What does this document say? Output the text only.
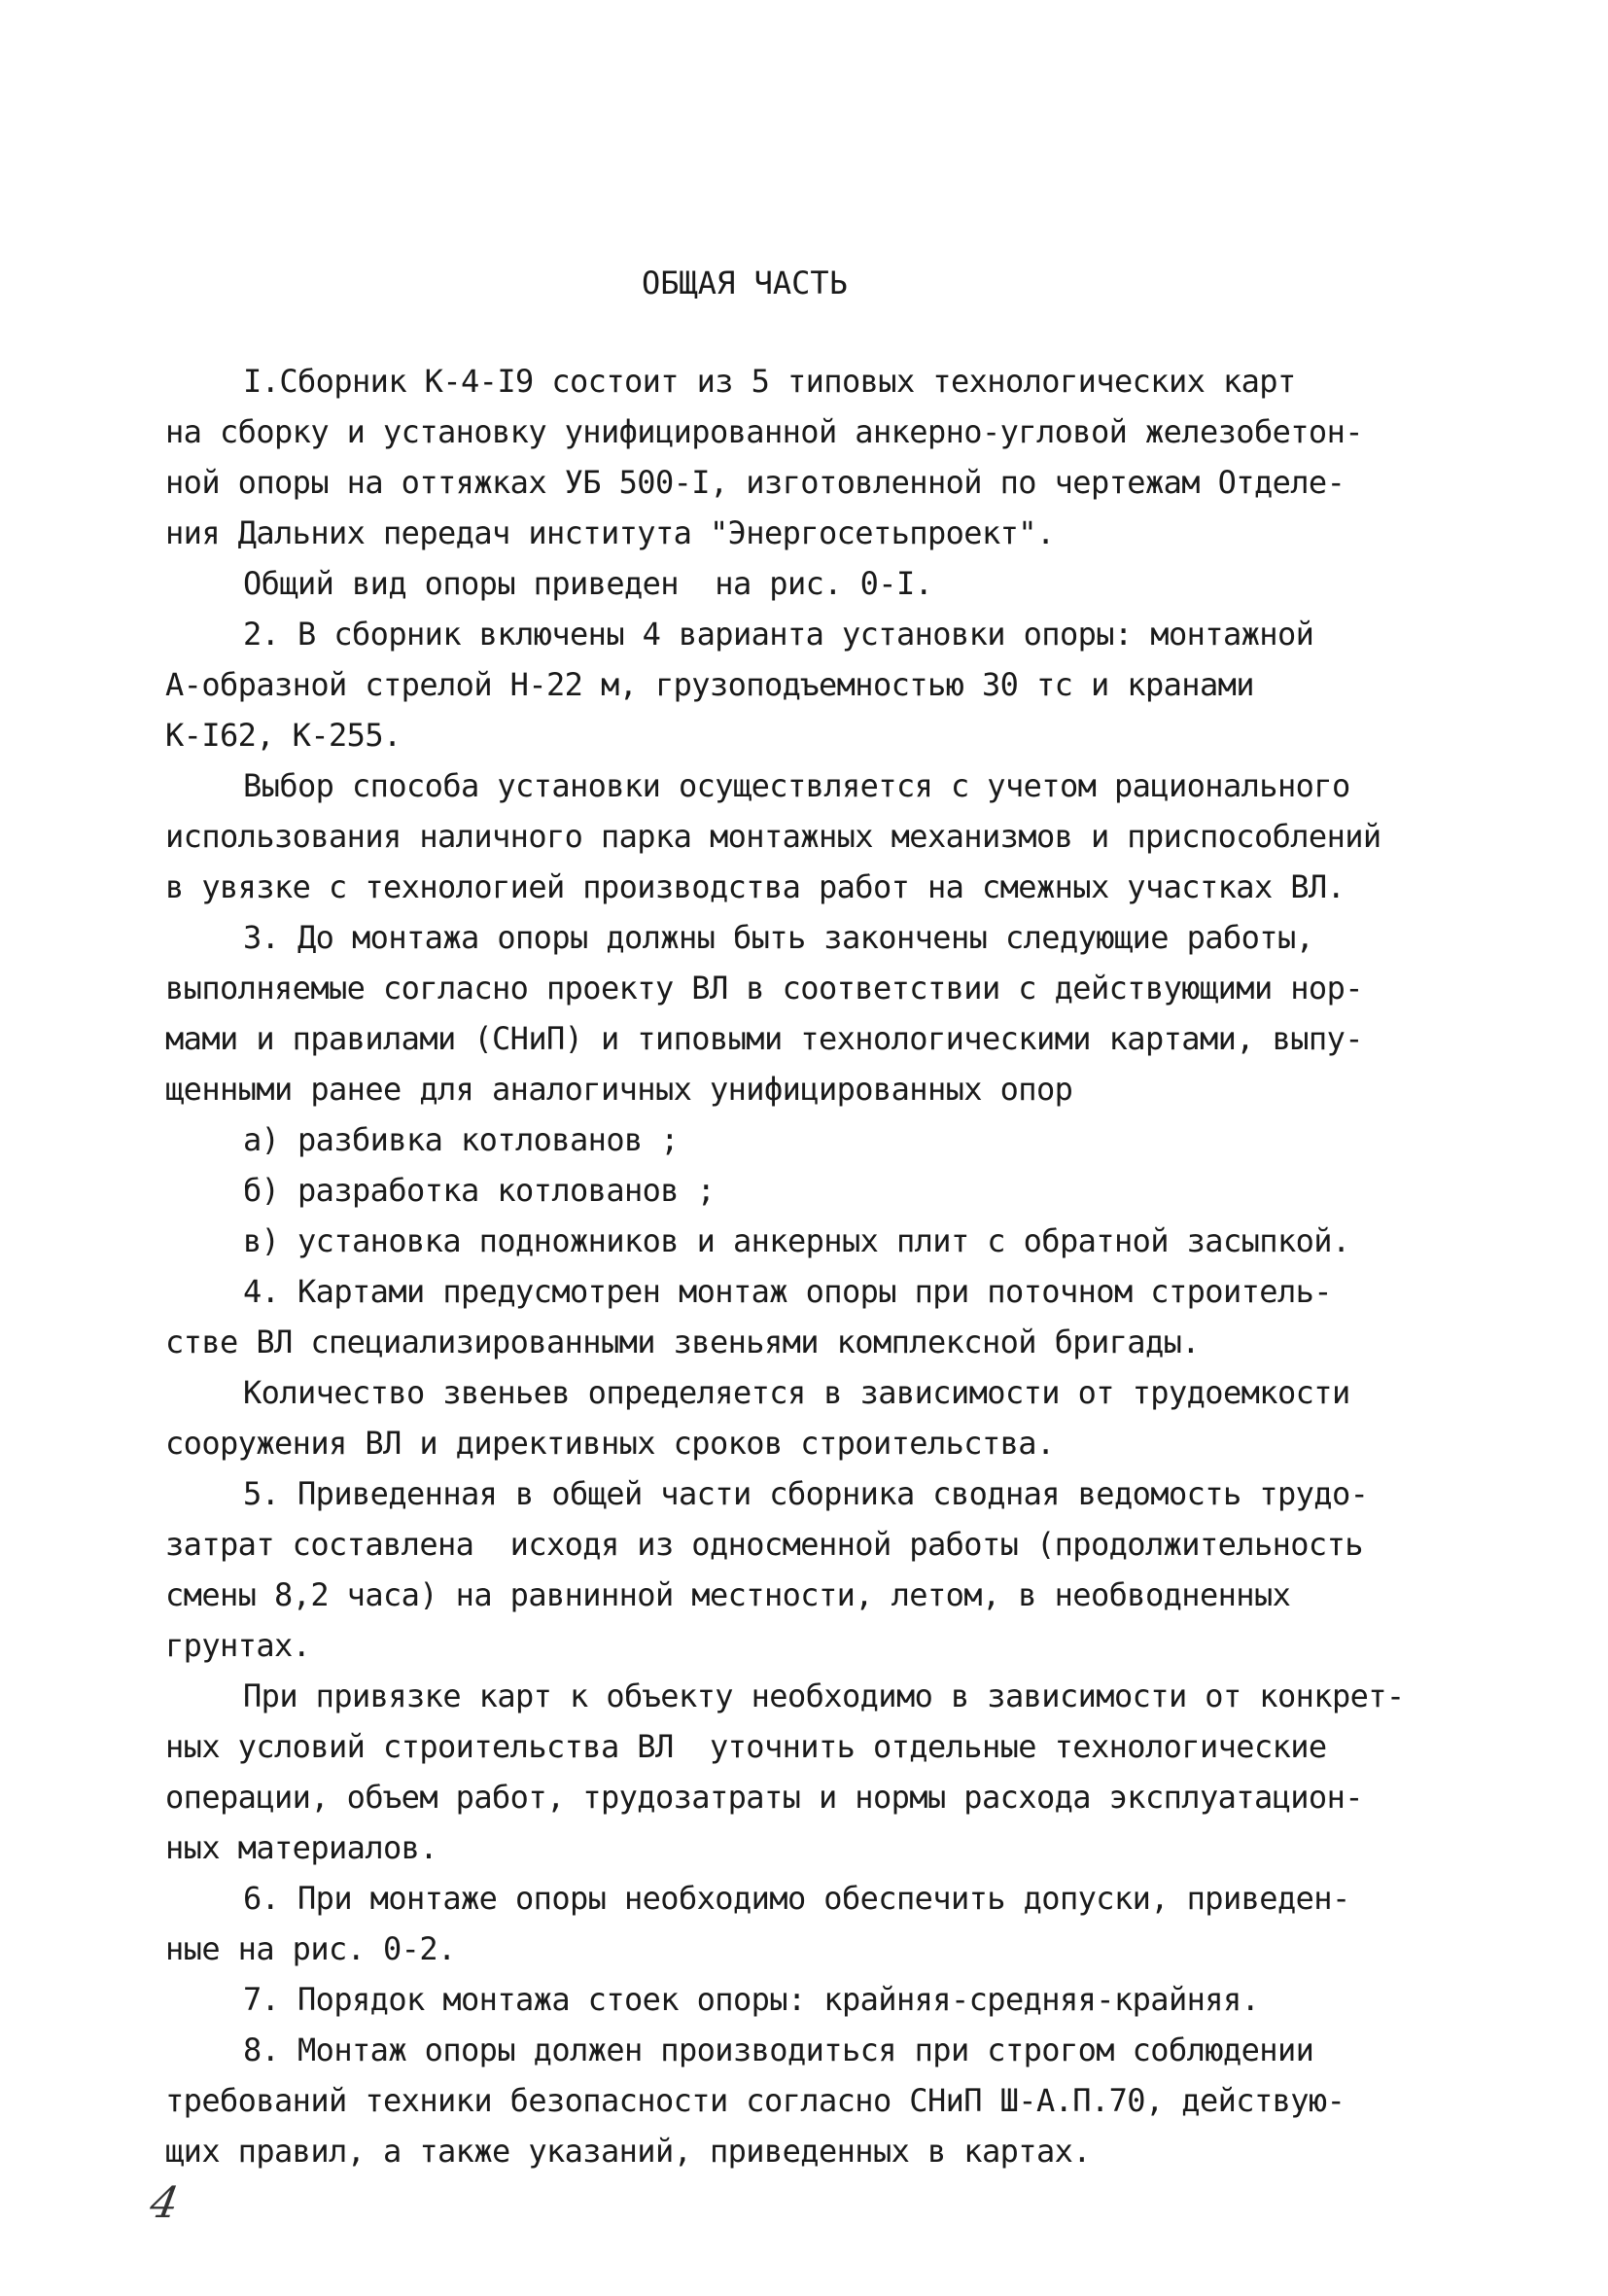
ОБЩАЯ ЧАСТЬ
I.Сборник К-4-I9 состоит из 5 типовых технологических карт
на сборку и установку унифицированной анкерно-угловой железобетон-
ной опоры на оттяжках УБ 500-I, изготовленной по чертежам Отделе-
ния Дальних передач института "Энергосетьпроект".
Общий вид опоры приведен  на рис. 0-I.
2. В сборник включены 4 варианта установки опоры: монтажной
А-образной стрелой Н-22 м, грузоподъемностью 30 тс и кранами
К-I62, К-255.
Выбор способа установки осуществляется с учетом рационального
использования наличного парка монтажных механизмов и приспособлений
в увязке с технологией производства работ на смежных участках ВЛ.
3. До монтажа опоры должны быть закончены следующие работы,
выполняемые согласно проекту ВЛ в соответствии с действующими нор-
мами и правилами (СНиП) и типовыми технологическими картами, выпу-
щенными ранее для аналогичных унифицированных опор
а) разбивка котлованов ;
б) разработка котлованов ;
в) установка подножников и анкерных плит с обратной засыпкой.
4. Картами предусмотрен монтаж опоры при поточном строитель-
стве ВЛ специализированными звеньями комплексной бригады.
Количество звеньев определяется в зависимости от трудоемкости
сооружения ВЛ и директивных сроков строительства.
5. Приведенная в общей части сборника сводная ведомость трудо-
затрат составлена  исходя из односменной работы (продолжительность
смены 8,2 часа) на равнинной местности, летом, в необводненных
грунтах.
При привязке карт к объекту необходимо в зависимости от конкрет-
ных условий строительства ВЛ  уточнить отдельные технологические
операции, объем работ, трудозатраты и нормы расхода эксплуатацион-
ных материалов.
6. При монтаже опоры необходимо обеспечить допуски, приведен-
ные на рис. 0-2.
7. Порядок монтажа стоек опоры: крайняя-средняя-крайняя.
8. Монтаж опоры должен производиться при строгом соблюдении
требований техники безопасности согласно СНиП Ш-А.П.70, действую-
щих правил, а также указаний, приведенных в картах.
4
